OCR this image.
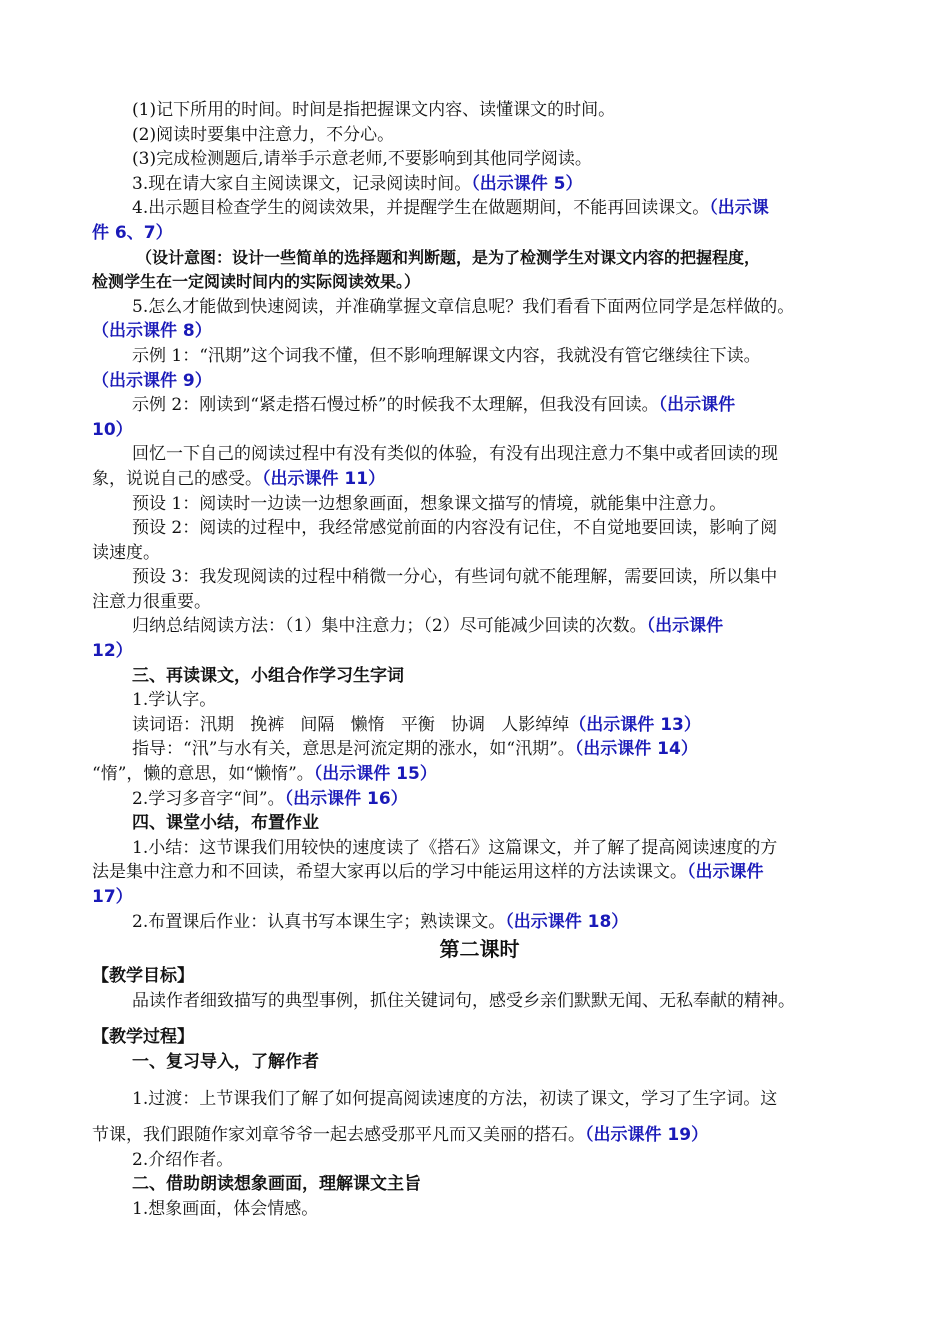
(1)记下所用的时间。时间是指把握课文内容、读懂课文的时间。
(2)阅读时要集中注意力，不分心。
(3)完成检测题后,请举手示意老师,不要影响到其他同学阅读。
3.现在请大家自主阅读课文，记录阅读时间。（出示课件 5）
4.出示题目检查学生的阅读效果，并提醒学生在做题期间，不能再回读课文。（出示课
件 6、7）
（设计意图：设计一些简单的选择题和判断题，是为了检测学生对课文内容的把握程度，
检测学生在一定阅读时间内的实际阅读效果。）
5.怎么才能做到快速阅读，并准确掌握文章信息呢？我们看看下面两位同学是怎样做的。
（出示课件 8）
示例 1：“汛期”这个词我不懂，但不影响理解课文内容，我就没有管它继续往下读。
（出示课件 9）
示例 2：刚读到“紧走搭石慢过桥”的时候我不太理解，但我没有回读。（出示课件
10）
回忆一下自己的阅读过程中有没有类似的体验，有没有出现注意力不集中或者回读的现
象，说说自己的感受。（出示课件 11）
预设 1：阅读时一边读一边想象画面，想象课文描写的情境，就能集中注意力。
预设 2：阅读的过程中，我经常感觉前面的内容没有记住，不自觉地要回读，影响了阅
读速度。
预设 3：我发现阅读的过程中稍微一分心，有些词句就不能理解，需要回读，所以集中
注意力很重要。
归纳总结阅读方法：（1）集中注意力；（2）尽可能减少回读的次数。（出示课件
12）
三、再读课文，小组合作学习生字词
1.学认字。
读词语：汛期   挽裤   间隔   懒惰   平衡   协调   人影绰绰（出示课件 13）
指导：“汛”与水有关，意思是河流定期的涨水，如“汛期”。（出示课件 14）
“惰”，懒的意思，如“懒惰”。（出示课件 15）
2.学习多音字“间”。（出示课件 16）
四、课堂小结，布置作业
1.小结：这节课我们用较快的速度读了《搭石》这篇课文，并了解了提高阅读速度的方
法是集中注意力和不回读，希望大家再以后的学习中能运用这样的方法读课文。（出示课件
17）
2.布置课后作业：认真书写本课生字；熟读课文。（出示课件 18）
第二课时
【教学目标】
品读作者细致描写的典型事例，抓住关键词句，感受乡亲们默默无闻、无私奉献的精神。
【教学过程】
一、复习导入，了解作者
1.过渡：上节课我们了解了如何提高阅读速度的方法，初读了课文，学习了生字词。这
节课，我们跟随作家刘章爷爷一起去感受那平凡而又美丽的搭石。（出示课件 19）
2.介绍作者。
二、借助朗读想象画面，理解课文主旨
1.想象画面，体会情感。
